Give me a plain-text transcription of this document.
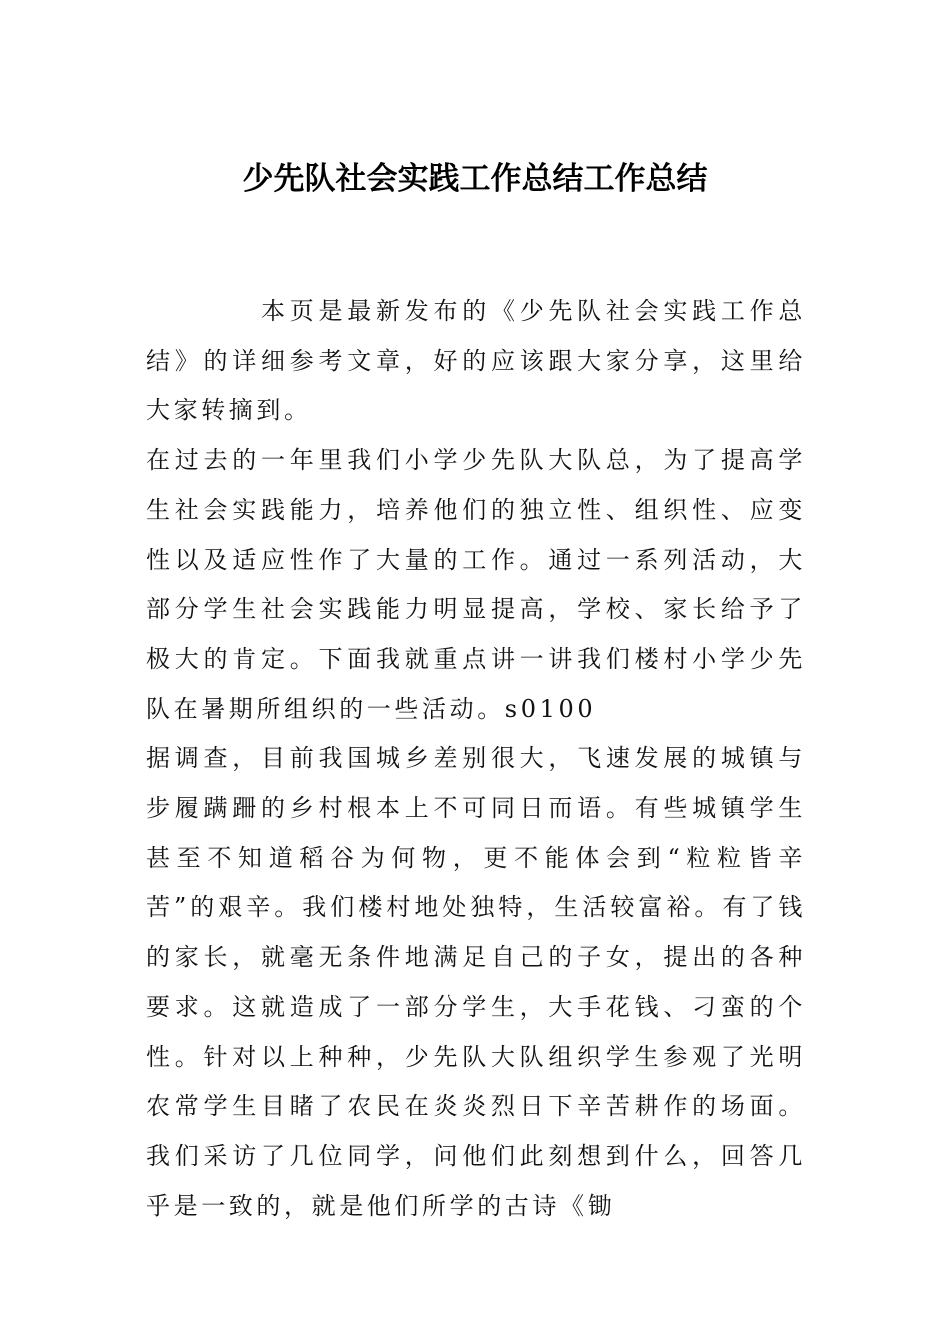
少先队社会实践工作总结工作总结

本页是最新发布的《少先队社会实践工作总结》的详细参考文章，好的应该跟大家分享，这里给大家转摘到。

在过去的一年里我们小学少先队大队总，为了提高学生社会实践能力，培养他们的独立性、组织性、应变性以及适应性作了大量的工作。通过一系列活动，大部分学生社会实践能力明显提高，学校、家长给予了极大的肯定。下面我就重点讲一讲我们楼村小学少先队在暑期所组织的一些活动。s0100

据调查，目前我国城乡差别很大，飞速发展的城镇与步履蹒跚的乡村根本上不可同日而语。有些城镇学生甚至不知道稻谷为何物，更不能体会到“粒粒皆辛苦”的艰辛。我们楼村地处独特，生活较富裕。有了钱的家长，就毫无条件地满足自己的子女，提出的各种要求。这就造成了一部分学生，大手花钱、刁蛮的个性。针对以上种种，少先队大队组织学生参观了光明农常学生目睹了农民在炎炎烈日下辛苦耕作的场面。我们采访了几位同学，问他们此刻想到什么，回答几乎是一致的，就是他们所学的古诗《锄
